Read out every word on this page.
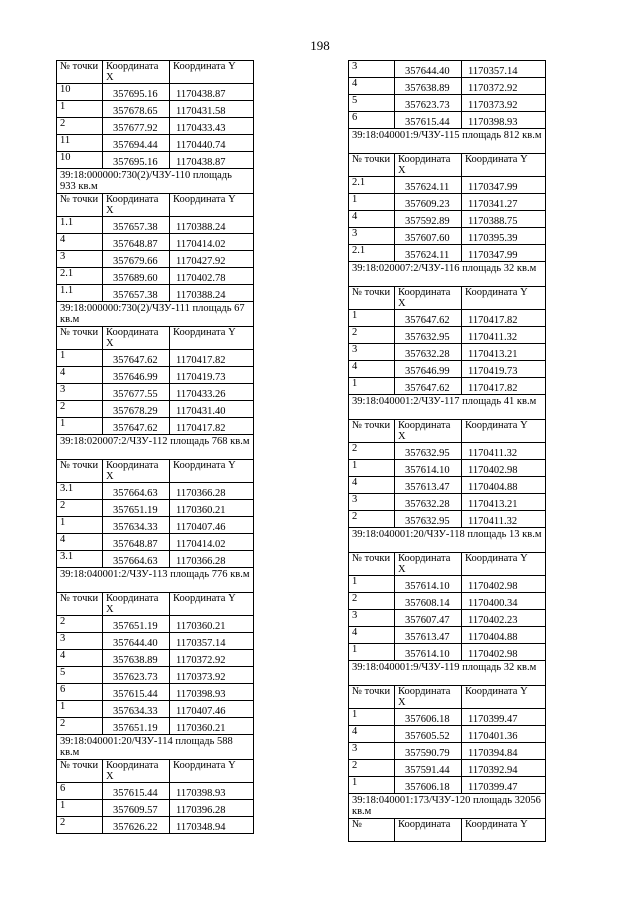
198
№ точки	Координата X	Координата Y
10	357695.16	1170438.87
1	357678.65	1170431.58
2	357677.92	1170433.43
11	357694.44	1170440.74
10	357695.16	1170438.87
39:18:000000:730(2)/ЧЗУ-110 площадь 933 кв.м		
№ точки	Координата X	Координата Y
1.1	357657.38	1170388.24
4	357648.87	1170414.02
3	357679.66	1170427.92
2.1	357689.60	1170402.78
1.1	357657.38	1170388.24
39:18:000000:730(2)/ЧЗУ-111 площадь 67 кв.м		
№ точки	Координата X	Координата Y
1	357647.62	1170417.82
4	357646.99	1170419.73
3	357677.55	1170433.26
2	357678.29	1170431.40
1	357647.62	1170417.82
39:18:020007:2/ЧЗУ-112 площадь 768 кв.м		
№ точки	Координата X	Координата Y
3.1	357664.63	1170366.28
2	357651.19	1170360.21
1	357634.33	1170407.46
4	357648.87	1170414.02
3.1	357664.63	1170366.28
39:18:040001:2/ЧЗУ-113 площадь 776 кв.м		
№ точки	Координата X	Координата Y
2	357651.19	1170360.21
3	357644.40	1170357.14
4	357638.89	1170372.92
5	357623.73	1170373.92
6	357615.44	1170398.93
1	357634.33	1170407.46
2	357651.19	1170360.21
39:18:040001:20/ЧЗУ-114 площадь 588 кв.м		
№ точки	Координата X	Координата Y
6	357615.44	1170398.93
1	357609.57	1170396.28
2	357626.22	1170348.94
3	357644.40	1170357.14
4	357638.89	1170372.92
5	357623.73	1170373.92
6	357615.44	1170398.93
39:18:040001:9/ЧЗУ-115 площадь 812 кв.м		
№ точки	Координата X	Координата Y
2.1	357624.11	1170347.99
1	357609.23	1170341.27
4	357592.89	1170388.75
3	357607.60	1170395.39
2.1	357624.11	1170347.99
39:18:020007:2/ЧЗУ-116 площадь 32 кв.м		
№ точки	Координата X	Координата Y
1	357647.62	1170417.82
2	357632.95	1170411.32
3	357632.28	1170413.21
4	357646.99	1170419.73
1	357647.62	1170417.82
39:18:040001:2/ЧЗУ-117 площадь 41 кв.м		
№ точки	Координата X	Координата Y
2	357632.95	1170411.32
1	357614.10	1170402.98
4	357613.47	1170404.88
3	357632.28	1170413.21
2	357632.95	1170411.32
39:18:040001:20/ЧЗУ-118 площадь 13 кв.м		
№ точки	Координата X	Координата Y
1	357614.10	1170402.98
2	357608.14	1170400.34
3	357607.47	1170402.23
4	357613.47	1170404.88
1	357614.10	1170402.98
39:18:040001:9/ЧЗУ-119 площадь 32 кв.м		
№ точки	Координата X	Координата Y
1	357606.18	1170399.47
4	357605.52	1170401.36
3	357590.79	1170394.84
2	357591.44	1170392.94
1	357606.18	1170399.47
39:18:040001:173/ЧЗУ-120 площадь 32056 кв.м		
№	Координата	Координата Y
